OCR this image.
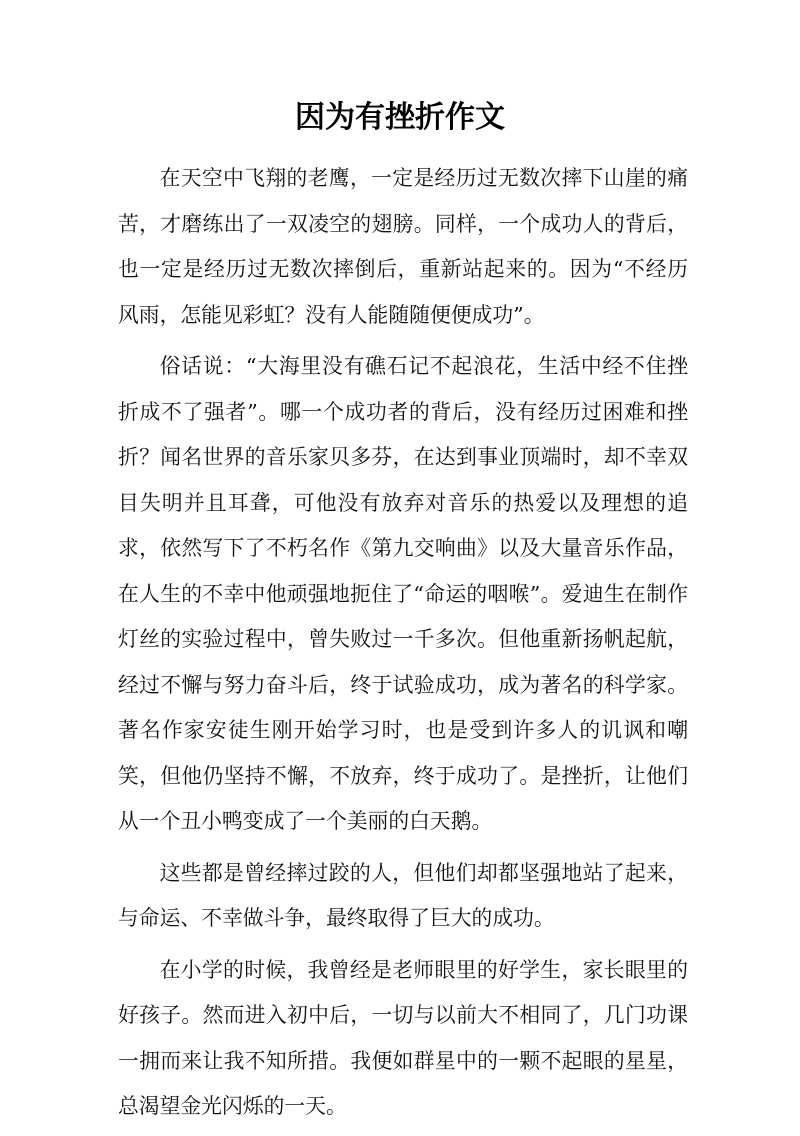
因为有挫折作文

在天空中飞翔的老鹰，一定是经历过无数次摔下山崖的痛苦，才磨练出了一双凌空的翅膀。同样，一个成功人的背后，也一定是经历过无数次摔倒后，重新站起来的。因为“不经历风雨，怎能见彩虹？没有人能随随便便成功”。

俗话说：“大海里没有礁石记不起浪花，生活中经不住挫折成不了强者”。哪一个成功者的背后，没有经历过困难和挫折？闻名世界的音乐家贝多芬，在达到事业顶端时，却不幸双目失明并且耳聋，可他没有放弃对音乐的热爱以及理想的追求，依然写下了不朽名作《第九交响曲》以及大量音乐作品，在人生的不幸中他顽强地扼住了“命运的咽喉”。爱迪生在制作灯丝的实验过程中，曾失败过一千多次。但他重新扬帆起航，经过不懈与努力奋斗后，终于试验成功，成为著名的科学家。著名作家安徒生刚开始学习时，也是受到许多人的讥讽和嘲笑，但他仍坚持不懈，不放弃，终于成功了。是挫折，让他们从一个丑小鸭变成了一个美丽的白天鹅。

这些都是曾经摔过跤的人，但他们却都坚强地站了起来，与命运、不幸做斗争，最终取得了巨大的成功。

在小学的时候，我曾经是老师眼里的好学生，家长眼里的好孩子。然而进入初中后，一切与以前大不相同了，几门功课一拥而来让我不知所措。我便如群星中的一颗不起眼的星星，总渴望金光闪烁的一天。
